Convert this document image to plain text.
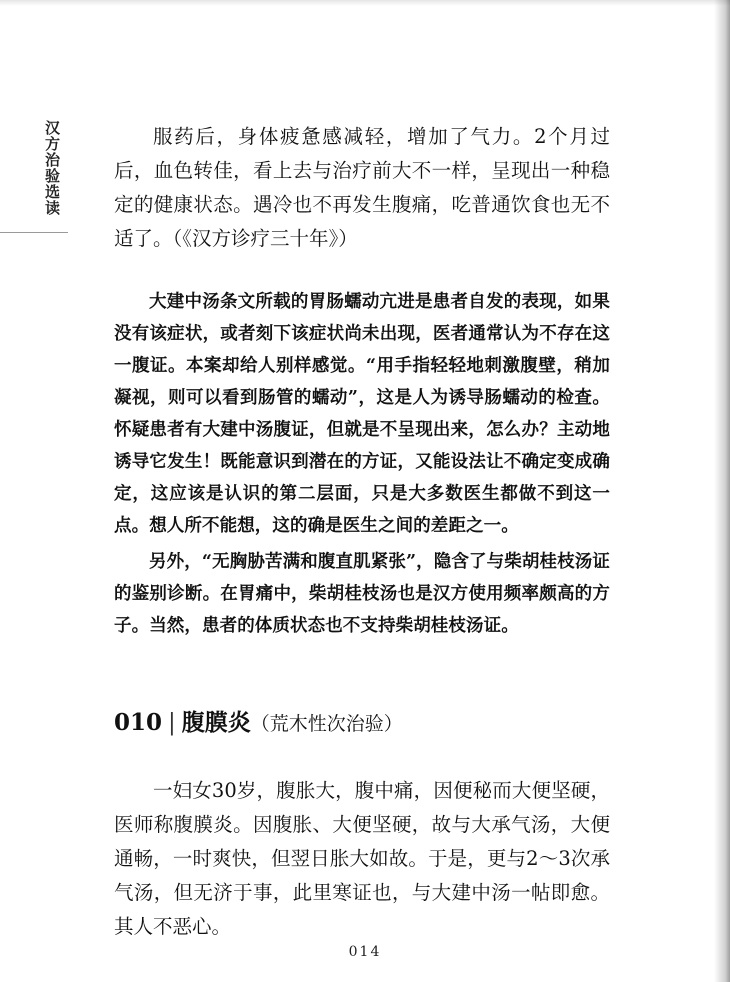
汉方治验选读	服药后，身体疲惫感减轻，增加了气力。2个月过后，血色转佳，看上去与治疗前大不一样，呈现出一种稳定的健康状态。遇冷也不再发生腹痛，吃普通饮食也无不适了。（《汉方诊疗三十年》）

大建中汤条文所载的胃肠蠕动亢进是患者自发的表现，如果没有该症状，或者刻下该症状尚未出现，医者通常认为不存在这一腹证。本案却给人别样感觉。“用手指轻轻地刺激腹壁，稍加凝视，则可以看到肠管的蠕动”，这是人为诱导肠蠕动的检查。怀疑患者有大建中汤腹证，但就是不呈现出来，怎么办？主动地诱导它发生！既能意识到潜在的方证，又能设法让不确定变成确定，这应该是认识的第二层面，只是大多数医生都做不到这一点。想人所不能想，这的确是医生之间的差距之一。

另外，“无胸胁苦满和腹直肌紧张”，隐含了与柴胡桂枝汤证的鉴别诊断。在胃痛中，柴胡桂枝汤也是汉方使用频率颇高的方子。当然，患者的体质状态也不支持柴胡桂枝汤证。

010 | 腹膜炎（荒木性次治验）

一妇女30岁，腹胀大，腹中痛，因便秘而大便坚硬，医师称腹膜炎。因腹胀、大便坚硬，故与大承气汤，大便通畅，一时爽快，但翌日胀大如故。于是，更与2～3次承气汤，但无济于事，此里寒证也，与大建中汤一帖即愈。其人不恶心。

014
